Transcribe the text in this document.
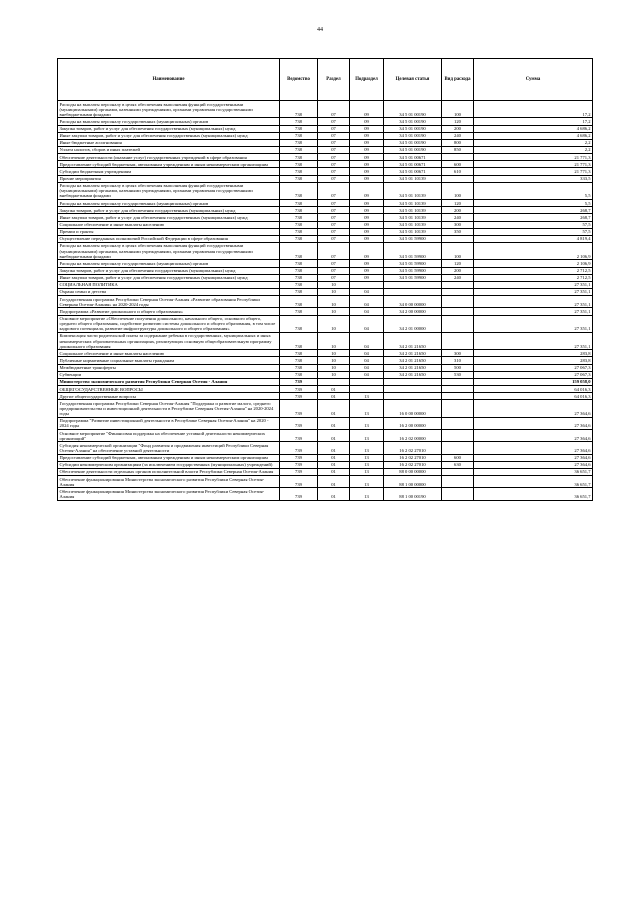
44
Наименование	Ведомство	Раздел	Подраздел	Целевая статья	Вид расхода	Сумма
Расходы на выплаты персоналу в целях обеспечения выполнения функций государственными (муниципальными) органами, казенными учреждениями, органами управления государственными внебюджетными фондами	738	07	09	34 5 01 00190	100	17,2
Расходы на выплаты персоналу государственных (муниципальных) органов	738	07	09	34 5 01 00190	120	17,2
Закупка товаров, работ и услуг для обеспечения государственных (муниципальных) нужд	738	07	09	34 5 01 00190	200	4 686,2
Иные закупки товаров, работ и услуг для обеспечения государственных (муниципальных) нужд	738	07	09	34 5 01 00190	240	4 686,2
Иные бюджетные ассигнования	738	07	09	34 5 01 00190	800	2,2
Уплата налогов, сборов и иных платежей	738	07	09	34 5 01 00190	850	2,2
Обеспечение деятельности (оказание услуг) государственных учреждений в сфере образования	738	07	09	34 5 01 00671		21 771,3
Предоставление субсидий бюджетным, автономным учреждениям и иным некоммерческим организациям	738	07	09	34 5 01 00671	600	21 771,3
Субсидии бюджетным учреждениям	738	07	09	34 5 01 00671	610	21 771,3
Прочие мероприятия	738	07	09	34 5 01 10139		333,5
Расходы на выплаты персоналу в целях обеспечения выполнения функций государственными (муниципальными) органами, казенными учреждениями, органами управления государственными внебюджетными фондами	738	07	09	34 5 01 10139	100	5,5
Расходы на выплаты персоналу государственных (муниципальных) органов	738	07	09	34 5 01 10139	120	5,5
Закупка товаров, работ и услуг для обеспечения государственных (муниципальных) нужд	738	07	09	34 5 01 10139	200	268,7
Иные закупки товаров, работ и услуг для обеспечения государственных (муниципальных) нужд	738	07	09	34 5 01 10139	240	268,7
Социальное обеспечение и иные выплаты населению	738	07	09	34 5 01 10139	300	57,5
Премии и гранты	738	07	09	34 5 01 10139	350	57,5
Осуществление переданных полномочий Российской Федерации в сфере образования	738	07	09	34 5 01 59900		4 819,4
Расходы на выплаты персоналу в целях обеспечения выполнения функций государственными (муниципальными) органами, казенными учреждениями, органами управления государственными внебюджетными фондами	738	07	09	34 5 01 59900	100	2 106,9
Расходы на выплаты персоналу государственных (муниципальных) органов	738	07	09	34 5 01 59900	120	2 106,9
Закупка товаров, работ и услуг для обеспечения государственных (муниципальных) нужд	738	07	09	34 5 01 59900	200	2 712,5
Иные закупки товаров, работ и услуг для обеспечения государственных (муниципальных) нужд	738	07	09	34 5 01 59900	240	2 712,5
СОЦИАЛЬНАЯ ПОЛИТИКА	738	10				27 351,1
Охрана семьи и детства	738	10	04			27 351,1
Государственная программа Республики Северная Осетия-Алания «Развитие образования Республики Северная Осетия-Алания» на 2020-2024 годы	738	10	04	34 0 00 00000		27 351,1
Подпрограмма «Развитие дошкольного и общего образования»	738	10	04	34 2 00 00000		27 351,1
Основное мероприятие «Обеспечение получения дошкольного, начального общего, основного общего, среднего общего образования, содействие развитию системы дошкольного и общего образования, в том числе кадрового потенциала, развитие инфраструктуры дошкольного и общего образования»	738	10	04	34 2 01 00000		27 351,1
Компенсация части родительской платы за содержание ребенка в государственных, муниципальных и иных некоммерческих образовательных организациях, реализующих основную общеобразовательную программу дошкольного образования	738	10	04	34 2 01 21650		27 351,1
Социальное обеспечение и иные выплаты населению	738	10	04	34 2 01 21650	300	283,8
Публичные нормативные социальные выплаты гражданам	738	10	04	34 2 01 21650	310	283,8
Межбюджетные трансферты	738	10	04	34 2 01 21650	500	27 067,3
Субвенции	738	10	04	34 2 01 21650	530	27 067,3
Министерство экономического развития Республики Северная Осетия - Алания	739					159 058,0
ОБЩЕГОСУДАРСТВЕННЫЕ ВОПРОСЫ	739	01				64 016,3
Другие общегосударственные вопросы	739	01	13			64 016,3
Государственная программа Республики Северная Осетия-Алания "Поддержка и развитие малого, среднего предпринимательства и инвестиционной деятельности в Республике Северная Осетия-Алания" на 2020-2024 годы	739	01	13	16 0 00 00000		27 364,6
Подпрограмма "Развитие инвестиционной деятельности в Республике Северная Осетия-Алания" на 2020 - 2024 годы	739	01	13	16 2 00 00000		27 364,6
Основное мероприятие "Финансовая поддержка на обеспечение уставной деятельности некоммерческих организаций"	739	01	13	16 2 02 00000		27 364,6
Субсидия некоммерческой организации "Фонд развития и продвижения инвестиций Республики Северная Осетия-Алания" на обеспечение уставной деятельности	739	01	13	16 2 02 27010		27 364,6
Предоставление субсидий бюджетным, автономным учреждениям и иным некоммерческим организациям	739	01	13	16 2 02 27010	600	27 364,6
Субсидии некоммерческим организациям (за исключением государственных (муниципальных) учреждений)	739	01	13	16 2 02 27010	630	27 364,6
Обеспечение деятельности отдельных органов исполнительной власти Республики Северная Осетия-Алания	739	01	13	88 0 00 00000		36 651,7
Обеспечение функционирования Министерства экономического развития Республики Северная Осетия-Алания	739	01	13	88 1 00 00000		36 651,7
Обеспечение функционирования Министерства экономического развития Республики Северная Осетия-Алания	739	01	13	88 1 00 00190		36 651,7
